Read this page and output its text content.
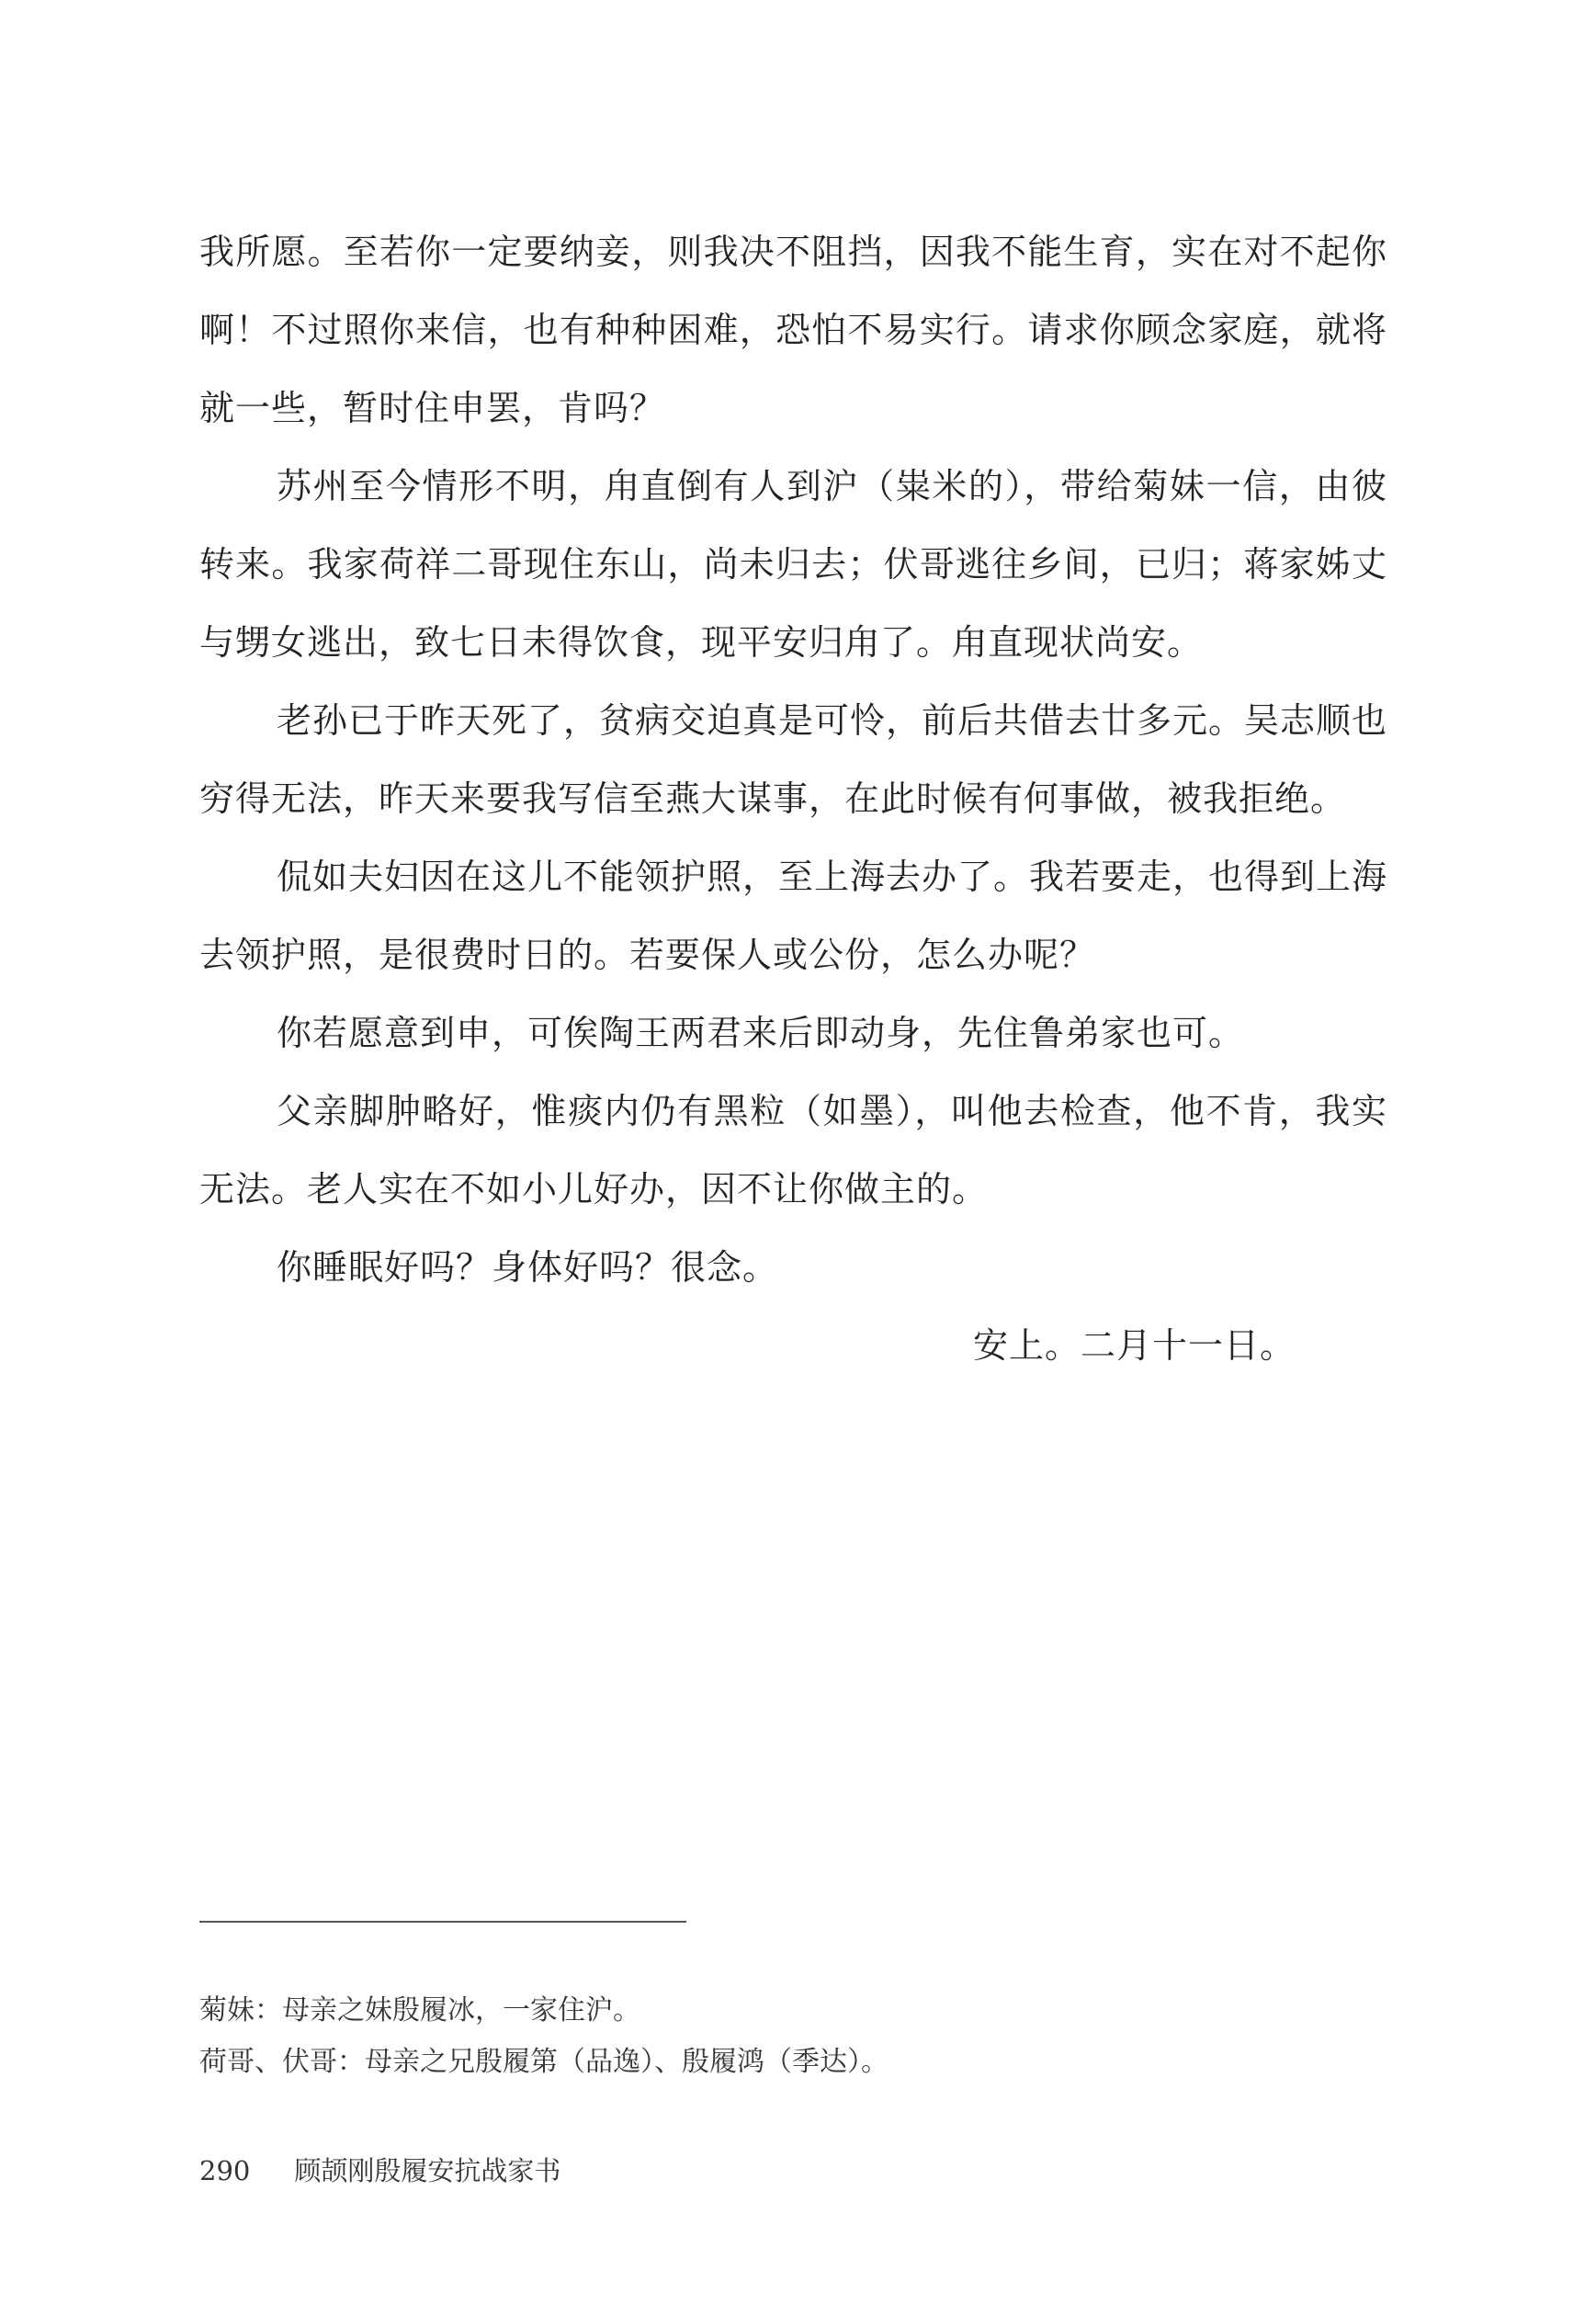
我所愿。至若你一定要纳妾，则我决不阻挡，因我不能生育，实在对不起你啊！不过照你来信，也有种种困难，恐怕不易实行。请求你顾念家庭，就将就一些，暂时住申罢，肯吗？

苏州至今情形不明，甪直倒有人到沪（粜米的），带给菊妹一信，由彼转来。我家荷祥二哥现住东山，尚未归去；伏哥逃往乡间，已归；蒋家姊丈与甥女逃出，致七日未得饮食，现平安归甪了。甪直现状尚安。

老孙已于昨天死了，贫病交迫真是可怜，前后共借去廿多元。吴志顺也穷得无法，昨天来要我写信至燕大谋事，在此时候有何事做，被我拒绝。

侃如夫妇因在这儿不能领护照，至上海去办了。我若要走，也得到上海去领护照，是很费时日的。若要保人或公份，怎么办呢？

你若愿意到申，可俟陶王两君来后即动身，先住鲁弟家也可。

父亲脚肿略好，惟痰内仍有黑粒（如墨），叫他去检查，他不肯，我实无法。老人实在不如小儿好办，因不让你做主的。

你睡眠好吗？身体好吗？很念。

安上。二月十一日。

菊妹：母亲之妹殷履冰，一家住沪。

荷哥、伏哥：母亲之兄殷履第（品逸）、殷履鸿（季达）。

290 顾颉刚殷履安抗战家书
